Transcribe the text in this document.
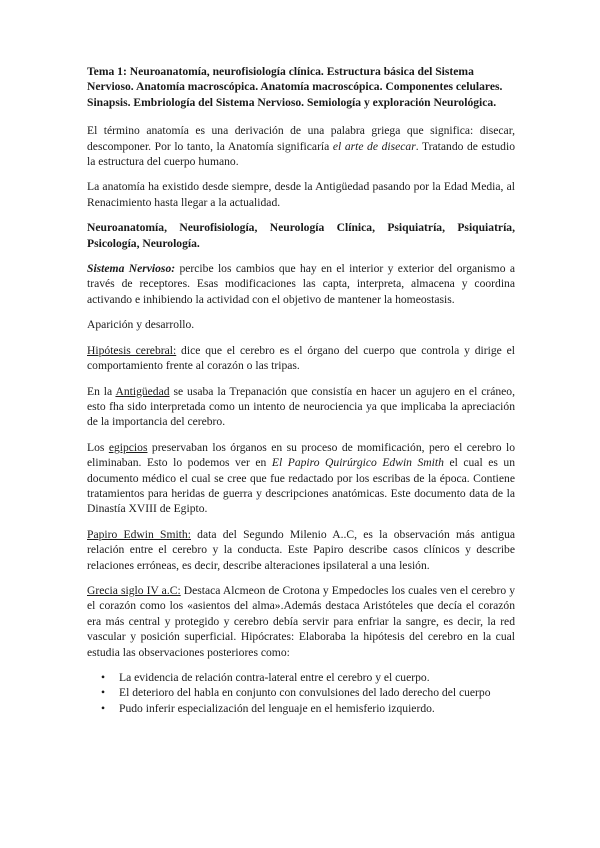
Tema 1: Neuroanatomía, neurofisiología clínica. Estructura básica del Sistema Nervioso. Anatomía macroscópica. Anatomía macroscópica. Componentes celulares. Sinapsis. Embriología del Sistema Nervioso. Semiología y exploración Neurológica.

El término anatomía es una derivación de una palabra griega que significa: disecar, descomponer. Por lo tanto, la Anatomía significaría el arte de disecar. Tratando de estudio la estructura del cuerpo humano.

La anatomía ha existido desde siempre, desde la Antigüedad pasando por la Edad Media, al Renacimiento hasta llegar a la actualidad.

Neuroanatomía, Neurofisiología, Neurología Clínica, Psiquiatría, Psiquiatría, Psicología, Neurología.

Sistema Nervioso: percibe los cambios que hay en el interior y exterior del organismo a través de receptores. Esas modificaciones las capta, interpreta, almacena y coordina activando e inhibiendo la actividad con el objetivo de mantener la homeostasis.

Aparición y desarrollo.

Hipótesis cerebral: dice que el cerebro es el órgano del cuerpo que controla y dirige el comportamiento frente al corazón o las tripas.

En la Antigüedad se usaba la Trepanación que consistía en hacer un agujero en el cráneo, esto fha sido interpretada como un intento de neurociencia ya que implicaba la apreciación de la importancia del cerebro.

Los egipcios preservaban los órganos en su proceso de momificación, pero el cerebro lo eliminaban. Esto lo podemos ver en El Papiro Quirúrgico Edwin Smith el cual es un documento médico el cual se cree que fue redactado por los escribas de la época. Contiene tratamientos para heridas de guerra y descripciones anatómicas. Este documento data de la Dinastía XVIII de Egipto.

Papiro Edwin Smith: data del Segundo Milenio A..C, es la observación más antigua relación entre el cerebro y la conducta. Este Papiro describe casos clínicos y describe relaciones erróneas, es decir, describe alteraciones ipsilateral a una lesión.

Grecia siglo IV a.C: Destaca Alcmeon de Crotona y Empedocles los cuales ven el cerebro y el corazón como los «asientos del alma».Además destaca Aristóteles que decía el corazón era más central y protegido y cerebro debía servir para enfriar la sangre, es decir, la red vascular y posición superficial. Hipócrates: Elaboraba la hipótesis del cerebro en la cual estudia las observaciones posteriores como:

• La evidencia de relación contra-lateral entre el cerebro y el cuerpo.
• El deterioro del habla en conjunto con convulsiones del lado derecho del cuerpo
• Pudo inferir especialización del lenguaje en el hemisferio izquierdo.
